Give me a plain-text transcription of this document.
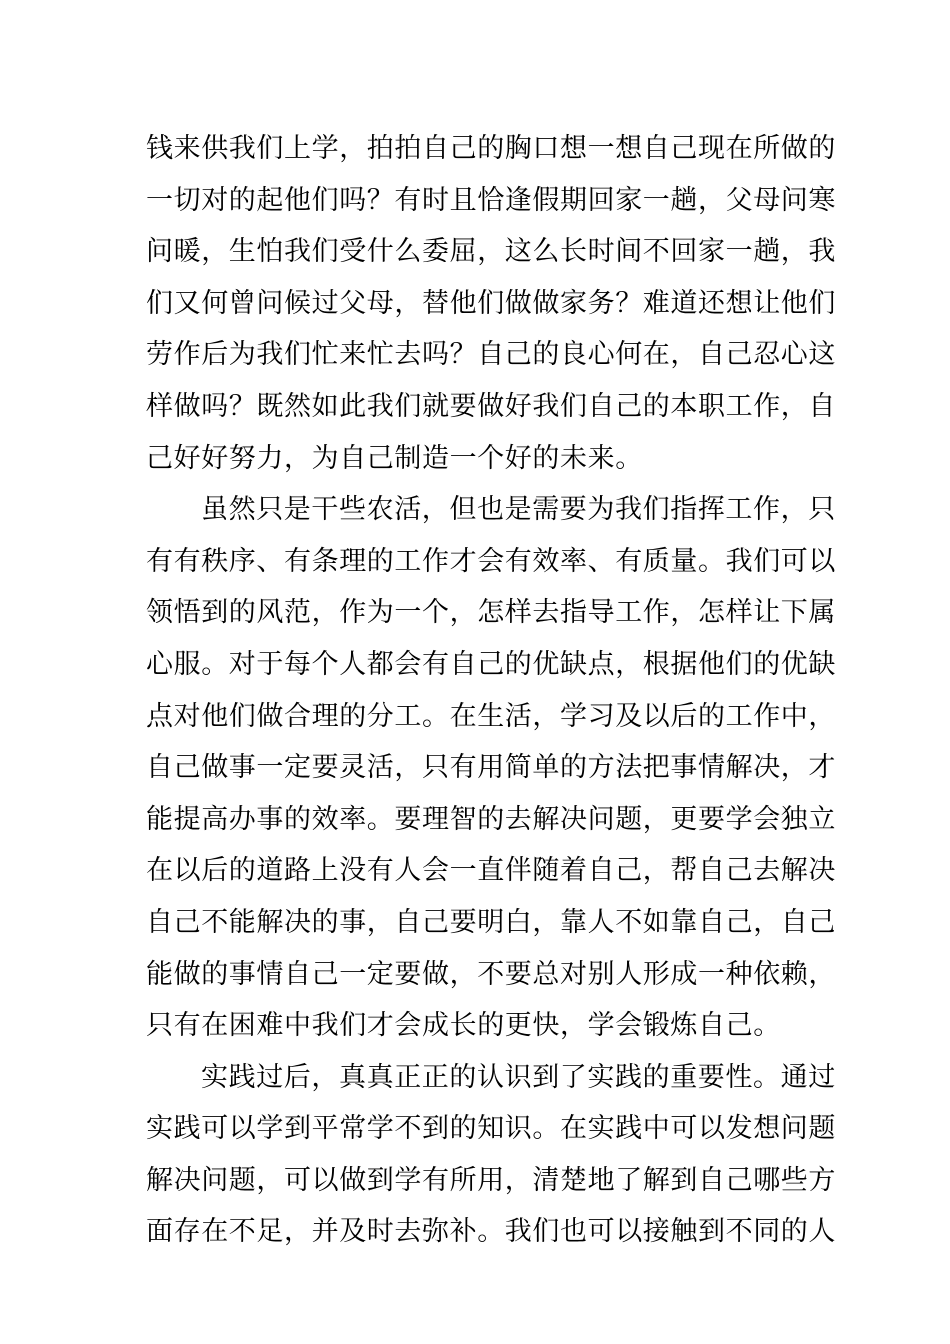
钱来供我们上学，拍拍自己的胸口想一想自己现在所做的
一切对的起他们吗？有时且恰逢假期回家一趟，父母问寒
问暖，生怕我们受什么委屈，这么长时间不回家一趟，我
们又何曾问候过父母，替他们做做家务？难道还想让他们
劳作后为我们忙来忙去吗？自己的良心何在，自己忍心这
样做吗？既然如此我们就要做好我们自己的本职工作，自
己好好努力，为自己制造一个好的未来。
虽然只是干些农活，但也是需要为我们指挥工作，只
有有秩序、有条理的工作才会有效率、有质量。我们可以
领悟到的风范，作为一个，怎样去指导工作，怎样让下属
心服。对于每个人都会有自己的优缺点，根据他们的优缺
点对他们做合理的分工。在生活，学习及以后的工作中，
自己做事一定要灵活，只有用简单的方法把事情解决，才
能提高办事的效率。要理智的去解决问题，更要学会独立
在以后的道路上没有人会一直伴随着自己，帮自己去解决
自己不能解决的事，自己要明白，靠人不如靠自己，自己
能做的事情自己一定要做，不要总对别人形成一种依赖，
只有在困难中我们才会成长的更快，学会锻炼自己。
实践过后，真真正正的认识到了实践的重要性。通过
实践可以学到平常学不到的知识。在实践中可以发想问题
解决问题，可以做到学有所用，清楚地了解到自己哪些方
面存在不足，并及时去弥补。我们也可以接触到不同的人
